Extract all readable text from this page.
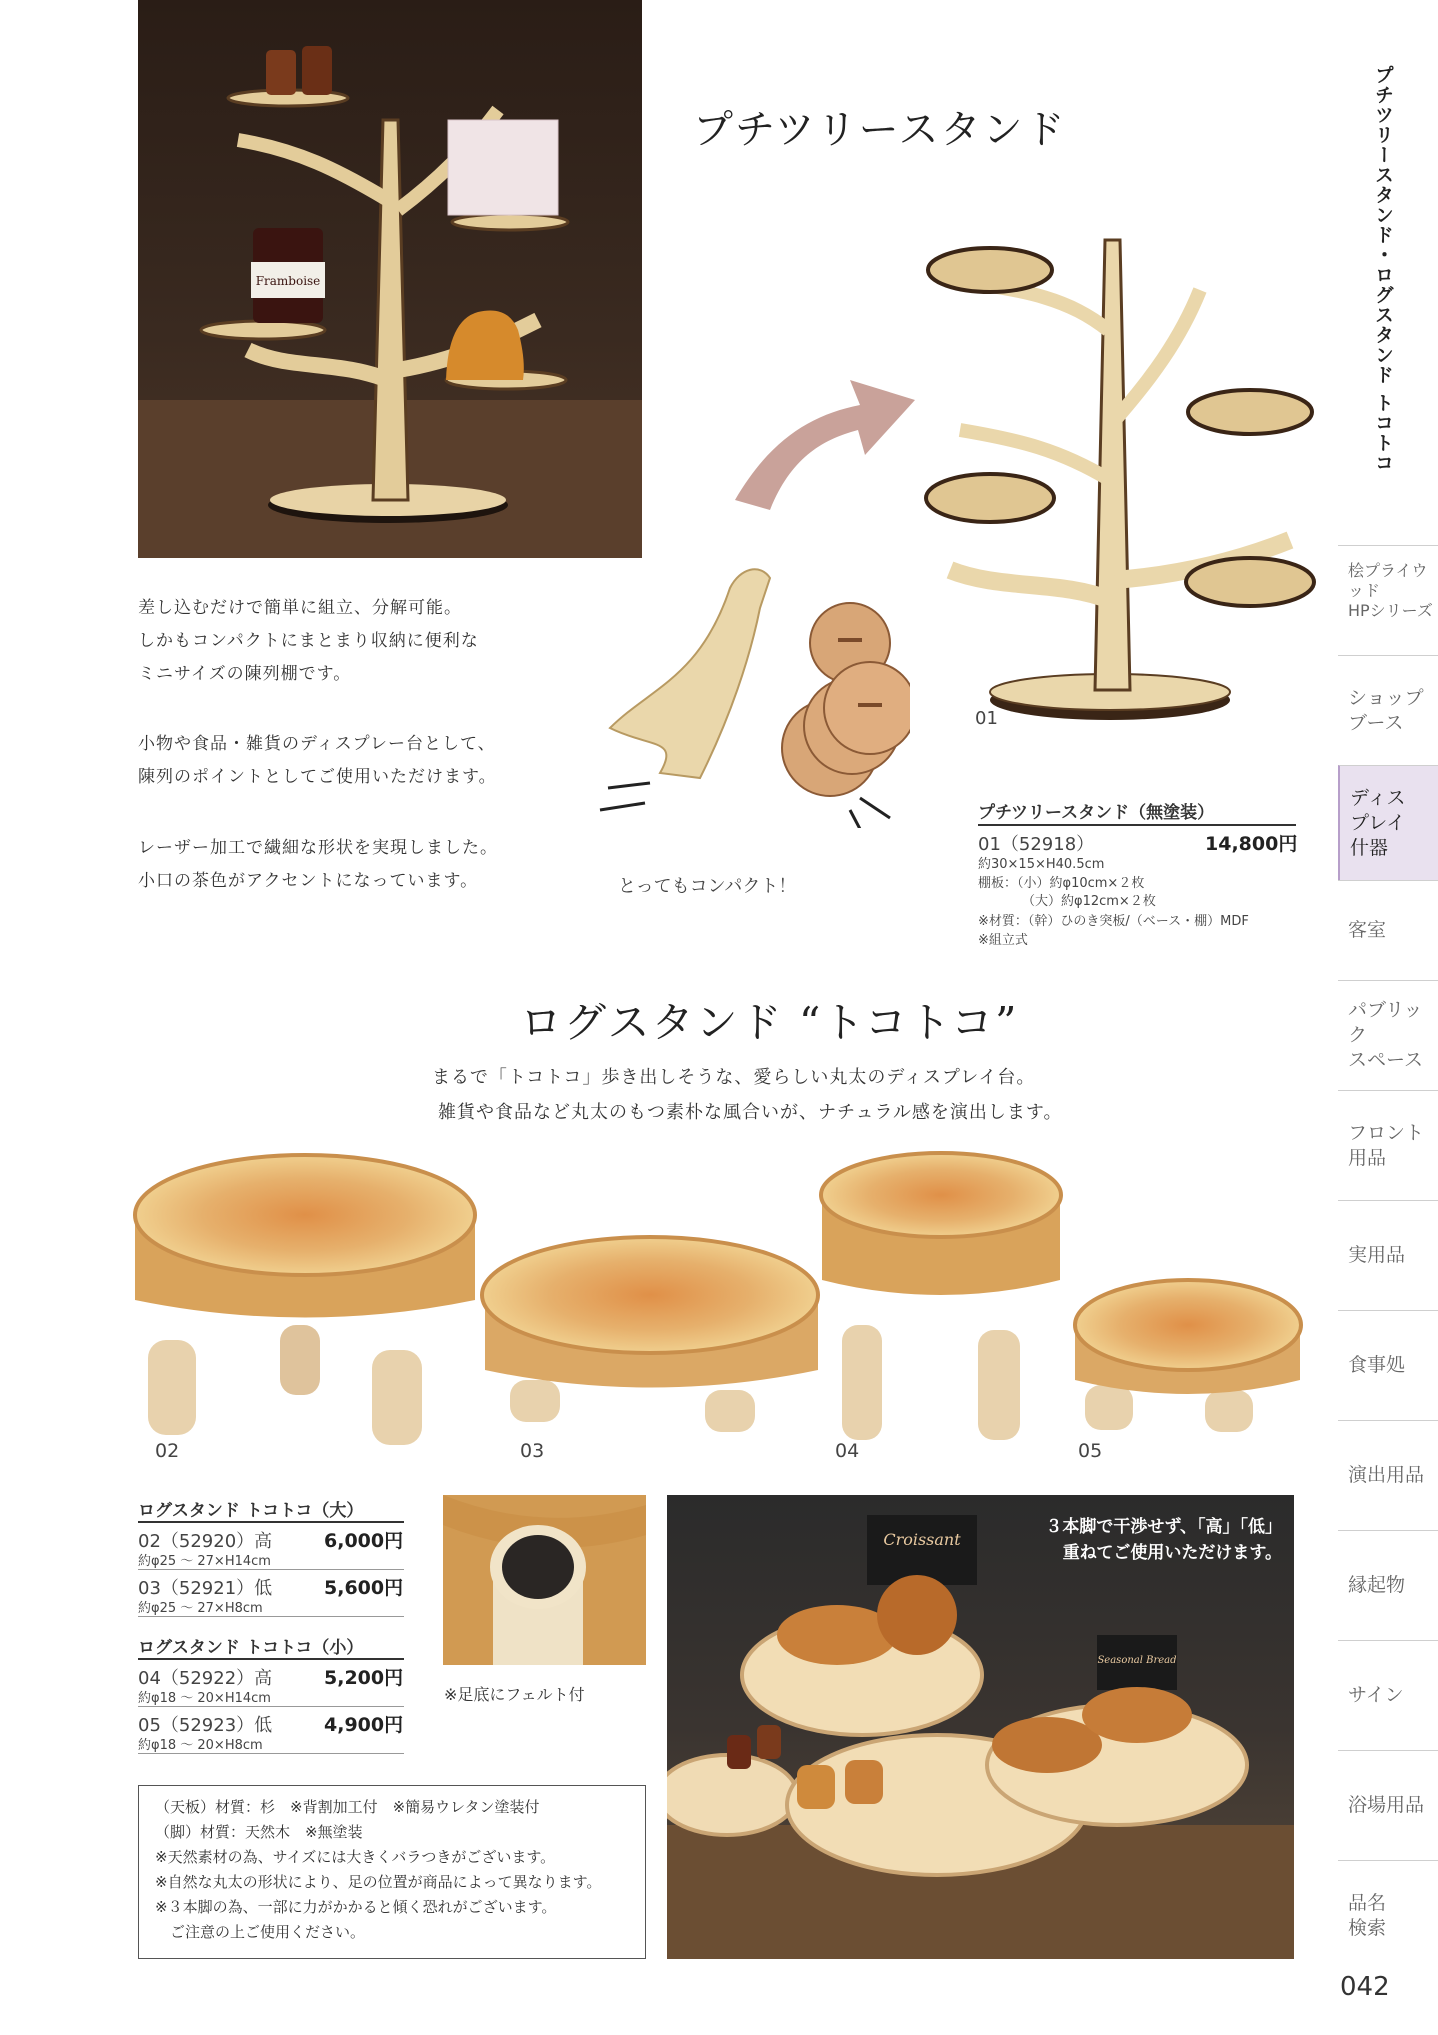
プチツリースタンド・ログスタンド トコトコ
桧プライウッド
HPシリーズ
ショップ
ブース
ディス
プレイ
什器
客室
パブリック
スペース
フロント
用品
実用品
食事処
演出用品
縁起物
サイン
浴場用品
品名
検索
042
Framboise
プチツリースタンド
差し込むだけで簡単に組立、分解可能。
しかもコンパクトにまとまり収納に便利な
ミニサイズの陳列棚です。
小物や食品・雑貨のディスプレー台として、
陳列のポイントとしてご使用いただけます。
レーザー加工で繊細な形状を実現しました。
小口の茶色がアクセントになっています。	とってもコンパクト！
01
プチツリースタンド（無塗装）
01（52918）	14,800円
約30×15×H40.5cm
棚板：（小）約φ10cm×２枚
（大）約φ12cm×２枚
※材質：（幹）ひのき突板/（ベース・棚）MDF
※組立式
ログスタンド “トコトコ”
まるで「トコトコ」歩き出しそうな、愛らしい丸太のディスプレイ台。
雑貨や食品など丸太のもつ素朴な風合いが、ナチュラル感を演出します。
02	03	04	05
ログスタンド トコトコ（大）
02（52920）高	6,000円
約φ25 ～ 27×H14cm
03（52921）低	5,600円
約φ25 ～ 27×H8cm
ログスタンド トコトコ（小）
04（52922）高	5,200円
約φ18 ～ 20×H14cm
05（52923）低	4,900円
約φ18 ～ 20×H8cm
※足底にフェルト付
Croissant
Seasonal Bread
３本脚で干渉せず、「高」「低」
重ねてご使用いただけます。
（天板）材質：杉　※背割加工付　※簡易ウレタン塗装付
（脚）材質：天然木　※無塗装
※天然素材の為、サイズには大きくバラつきがございます。
※自然な丸太の形状により、足の位置が商品によって異なります。
※３本脚の為、一部に力がかかると傾く恐れがございます。
　ご注意の上ご使用ください。
